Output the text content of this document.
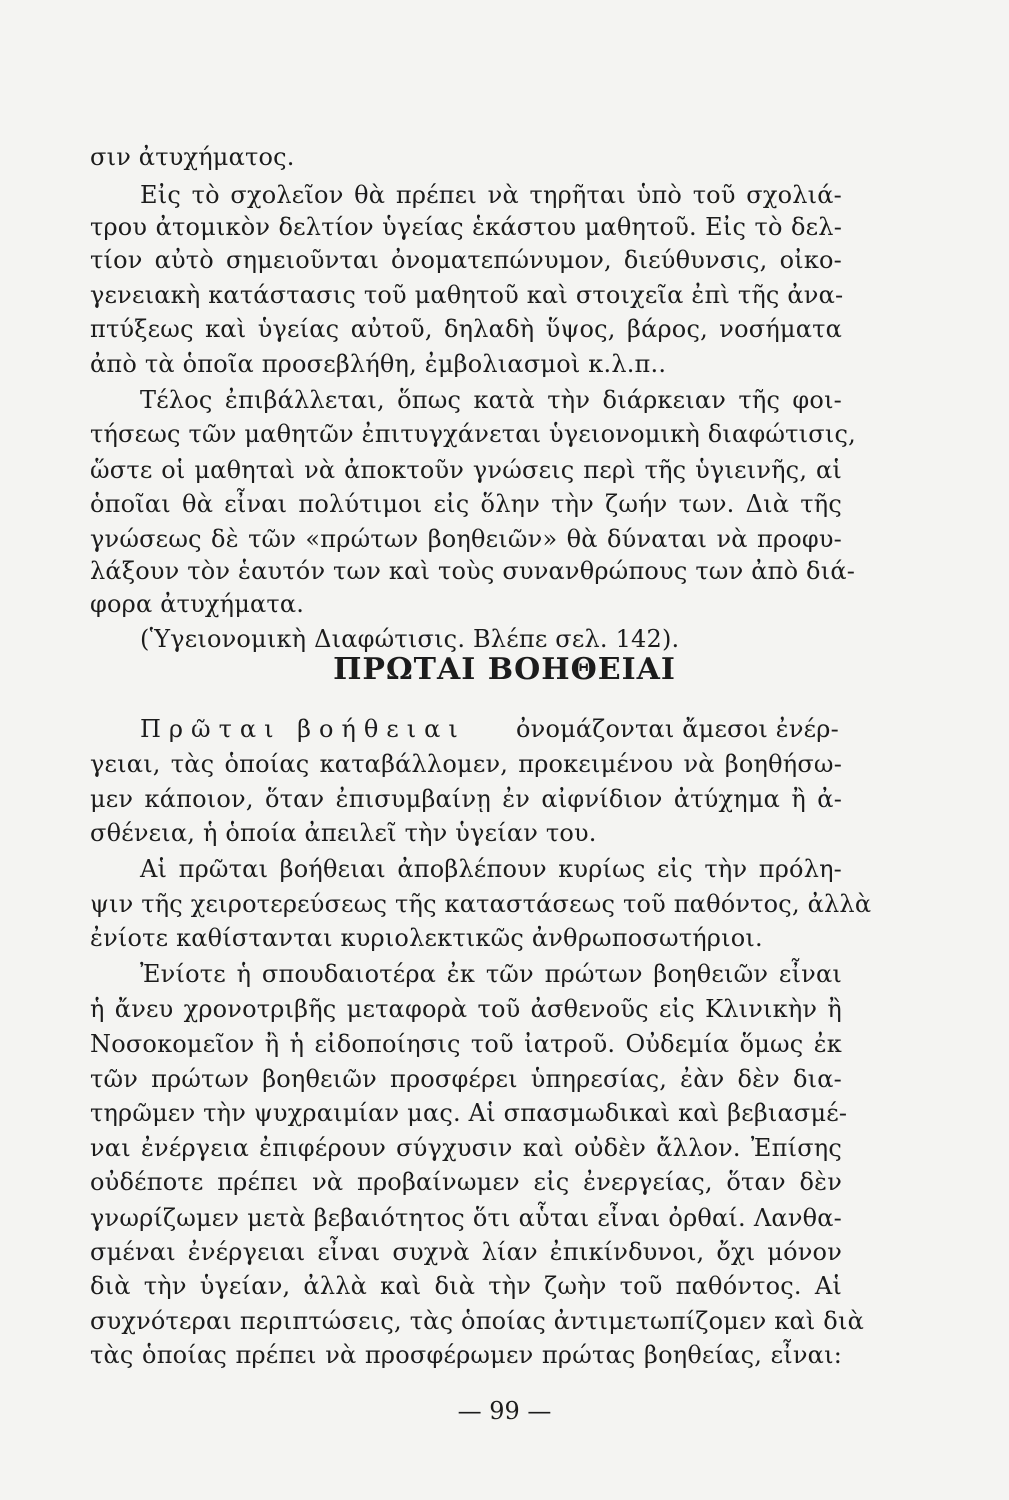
σιν ἀτυχήματος.
Εἰς τὸ σχολεῖον θὰ πρέπει νὰ τηρῆται ὑπὸ τοῦ σχολιά-
τρου ἀτομικὸν δελτίον ὑγείας ἑκάστου μαθητοῦ. Εἰς τὸ δελ-
τίον αὐτὸ σημειοῦνται ὀνοματεπώνυμον, διεύθυνσις, οἰκο-
γενειακὴ κατάστασις τοῦ μαθητοῦ καὶ στοιχεῖα ἐπὶ τῆς ἀνα-
πτύξεως καὶ ὑγείας αὐτοῦ, δηλαδὴ ὕψος, βάρος, νοσήματα
ἀπὸ τὰ ὁποῖα προσεβλήθη, ἐμβολιασμοὶ κ.λ.π..
Τέλος ἐπιβάλλεται, ὅπως κατὰ τὴν διάρκειαν τῆς φοι-
τήσεως τῶν μαθητῶν ἐπιτυγχάνεται ὑγειονομικὴ διαφώτισις,
ὥστε οἱ μαθηταὶ νὰ ἀποκτοῦν γνώσεις περὶ τῆς ὑγιεινῆς, αἱ
ὁποῖαι θὰ εἶναι πολύτιμοι εἰς ὅλην τὴν ζωήν των. Διὰ τῆς
γνώσεως δὲ τῶν «πρώτων βοηθειῶν» θὰ δύναται νὰ προφυ-
λάξουν τὸν ἑαυτόν των καὶ τοὺς συνανθρώπους των ἀπὸ διά-
φορα ἀτυχήματα.
(Ὑγειονομικὴ Διαφώτισις. Βλέπε σελ. 142).
ΠΡΩΤΑΙ ΒΟΗΘΕΙΑΙ
Πρῶται βοήθειαι ὀνομάζονται ἄμεσοι ἐνέρ-
γειαι, τὰς ὁποίας καταβάλλομεν, προκειμένου νὰ βοηθήσω-
μεν κάποιον, ὅταν ἐπισυμβαίνῃ ἐν αἰφνίδιον ἀτύχημα ἢ ἀ-
σθένεια, ἡ ὁποία ἀπειλεῖ τὴν ὑγείαν του.
Αἱ πρῶται βοήθειαι ἀποβλέπουν κυρίως εἰς τὴν πρόλη-
ψιν τῆς χειροτερεύσεως τῆς καταστάσεως τοῦ παθόντος, ἀλλὰ
ἐνίοτε καθίστανται κυριολεκτικῶς ἀνθρωποσωτήριοι.
Ἐνίοτε ἡ σπουδαιοτέρα ἐκ τῶν πρώτων βοηθειῶν εἶναι
ἡ ἄνευ χρονοτριβῆς μεταφορὰ τοῦ ἀσθενοῦς εἰς Κλινικὴν ἢ
Νοσοκομεῖον ἢ ἡ εἰδοποίησις τοῦ ἰατροῦ. Οὐδεμία ὅμως ἐκ
τῶν πρώτων βοηθειῶν προσφέρει ὑπηρεσίας, ἐὰν δὲν δια-
τηρῶμεν τὴν ψυχραιμίαν μας. Αἱ σπασμωδικαὶ καὶ βεβιασμέ-
ναι ἐνέργεια ἐπιφέρουν σύγχυσιν καὶ οὐδὲν ἄλλον. Ἐπίσης
οὐδέποτε πρέπει νὰ προβαίνωμεν εἰς ἐνεργείας, ὅταν δὲν
γνωρίζωμεν μετὰ βεβαιότητος ὅτι αὗται εἶναι ὀρθαί. Λανθα-
σμέναι ἐνέργειαι εἶναι συχνὰ λίαν ἐπικίνδυνοι, ὄχι μόνον
διὰ τὴν ὑγείαν, ἀλλὰ καὶ διὰ τὴν ζωὴν τοῦ παθόντος. Αἱ
συχνότεραι περιπτώσεις, τὰς ὁποίας ἀντιμετωπίζομεν καὶ διὰ
τὰς ὁποίας πρέπει νὰ προσφέρωμεν πρώτας βοηθείας, εἶναι:
— 99 —
